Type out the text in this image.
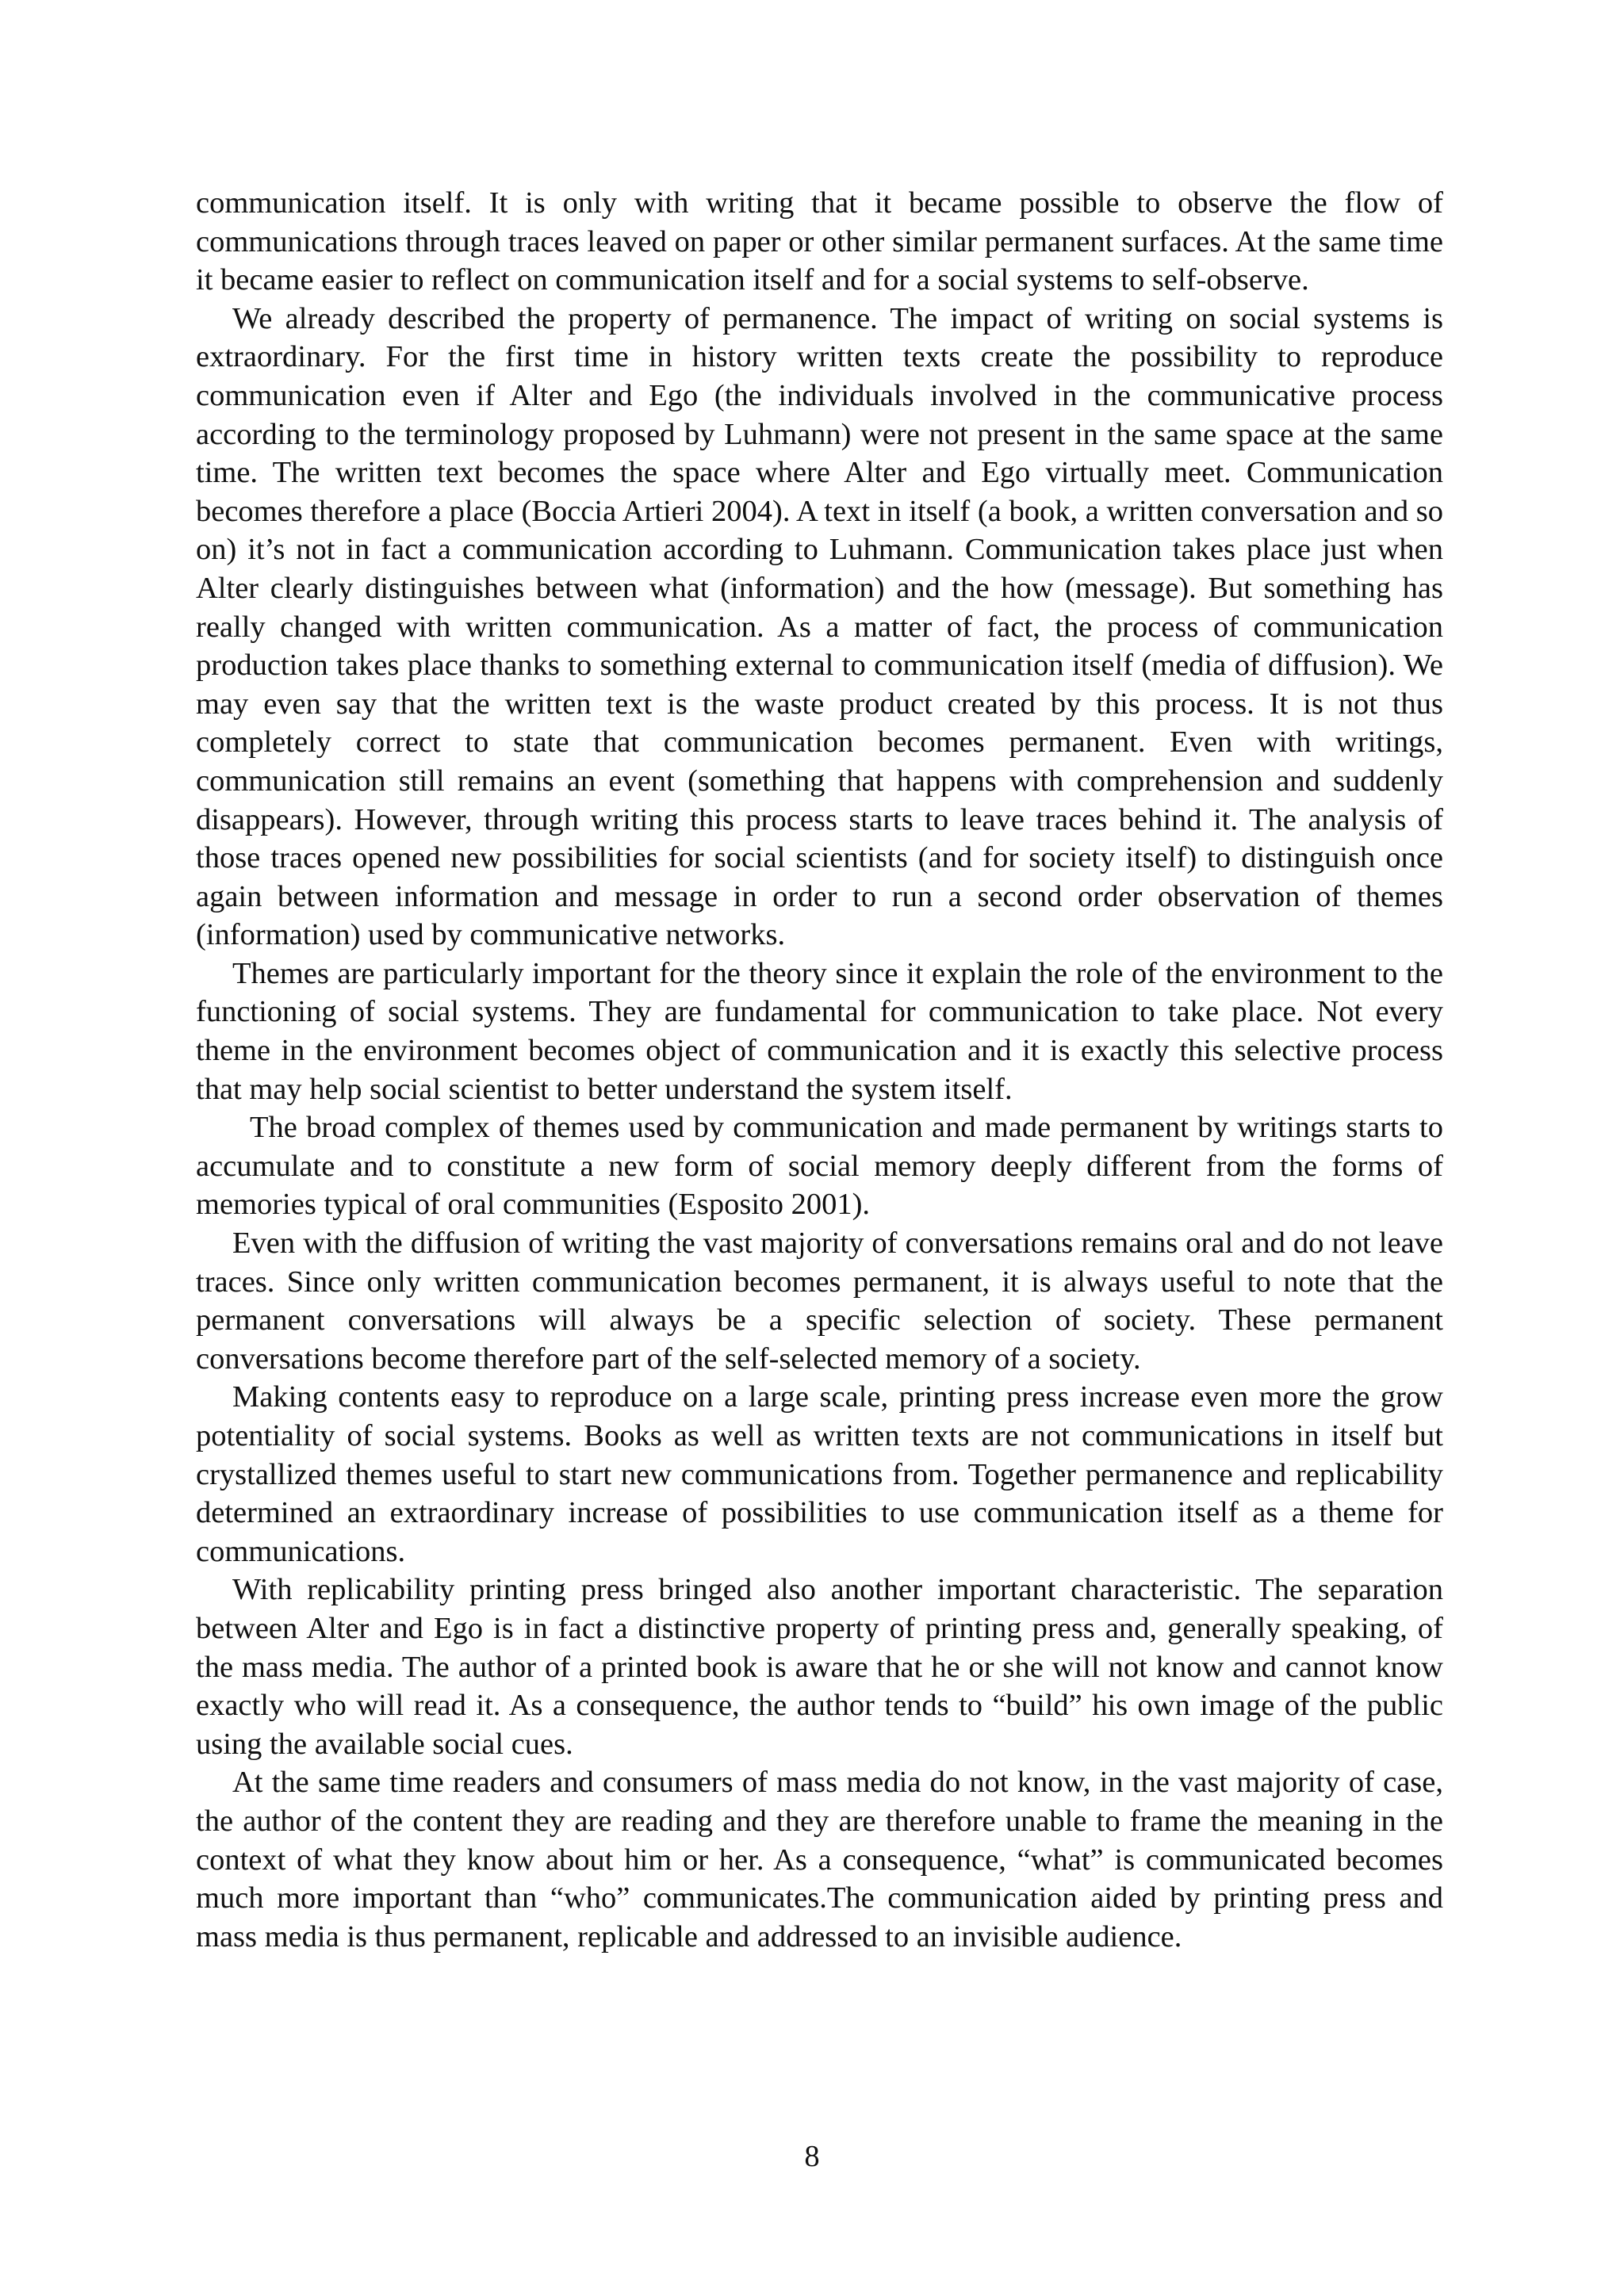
communication itself. It is only with writing that it became possible to observe the flow of communications through traces leaved on paper or other similar permanent surfaces. At the same time it became easier to reflect on communication itself and for a social systems to self-observe.

We already described the property of permanence. The impact of writing on social systems is extraordinary. For the first time in history written texts create the possibility to reproduce communication even if Alter and Ego (the individuals involved in the communicative process according to the terminology proposed by Luhmann) were not present in the same space at the same time. The written text becomes the space where Alter and Ego virtually meet. Communication becomes therefore a place (Boccia Artieri 2004). A text in itself (a book, a written conversation and so on) it’s not in fact a communication according to Luhmann. Communication takes place just when Alter clearly distinguishes between what (information) and the how (message). But something has really changed with written communication. As a matter of fact, the process of communication production takes place thanks to something external to communication itself (media of diffusion). We may even say that the written text is the waste product created by this process. It is not thus completely correct to state that communication becomes permanent. Even with writings, communication still remains an event (something that happens with comprehension and suddenly disappears). However, through writing this process starts to leave traces behind it. The analysis of those traces opened new possibilities for social scientists (and for society itself) to distinguish once again between information and message in order to run a second order observation of themes (information) used by communicative networks.

Themes are particularly important for the theory since it explain the role of the environment to the functioning of social systems. They are fundamental for communication to take place. Not every theme in the environment becomes object of communication and it is exactly this selective process that may help social scientist to better understand the system itself.

The broad complex of themes used by communication and made permanent by writings starts to accumulate and to constitute a new form of social memory deeply different from the forms of memories typical of oral communities (Esposito 2001).

Even with the diffusion of writing the vast majority of conversations remains oral and do not leave traces. Since only written communication becomes permanent, it is always useful to note that the permanent conversations will always be a specific selection of society. These permanent conversations become therefore part of the self-selected memory of a society.

Making contents easy to reproduce on a large scale, printing press increase even more the grow potentiality of social systems. Books as well as written texts are not communications in itself but crystallized themes useful to start new communications from. Together permanence and replicability determined an extraordinary increase of possibilities to use communication itself as a theme for communications.

With replicability printing press bringed also another important characteristic. The separation between Alter and Ego is in fact a distinctive property of printing press and, generally speaking, of the mass media. The author of a printed book is aware that he or she will not know and cannot know exactly who will read it. As a consequence, the author tends to “build” his own image of the public using the available social cues.

At the same time readers and consumers of mass media do not know, in the vast majority of case, the author of the content they are reading and they are therefore unable to frame the meaning in the context of what they know about him or her. As a consequence, “what” is communicated becomes much more important than “who” communicates.The communication aided by printing press and mass media is thus permanent, replicable and addressed to an invisible audience.

8
